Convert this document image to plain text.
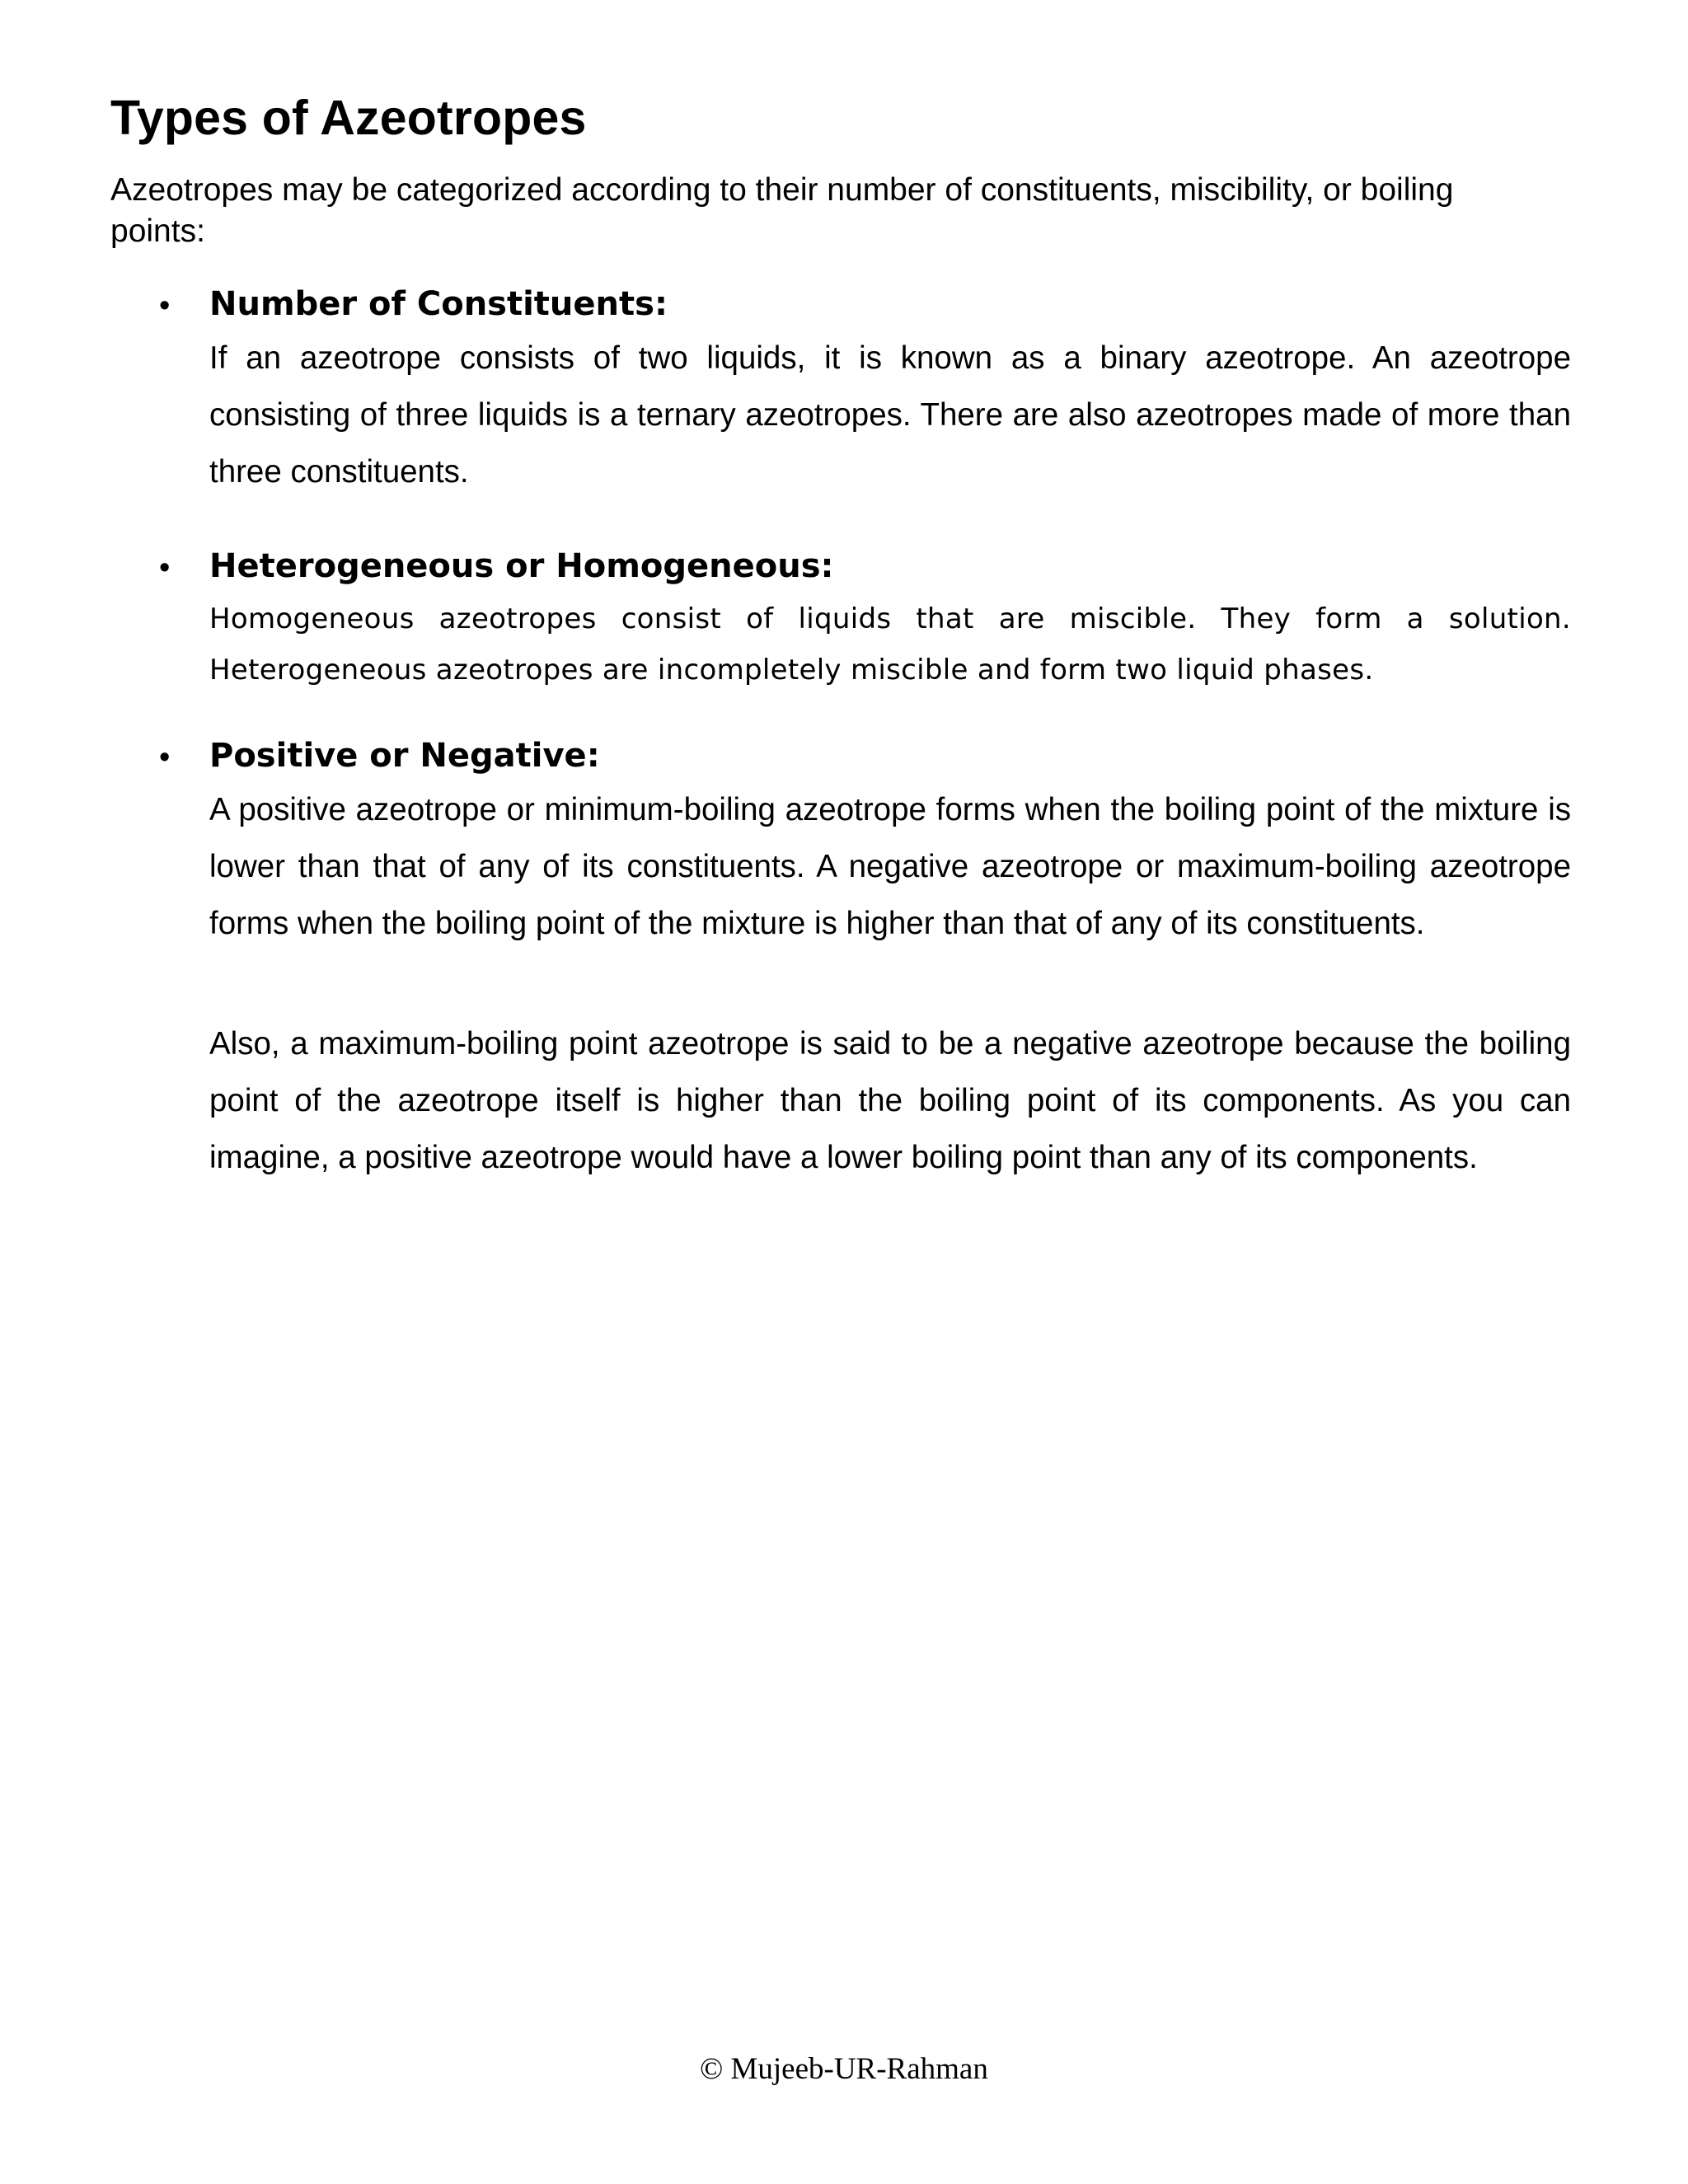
Types of Azeotropes

Azeotropes may be categorized according to their number of constituents, miscibility, or boiling points:

• Number of Constituents:

If an azeotrope consists of two liquids, it is known as a binary azeotrope. An azeotrope consisting of three liquids is a ternary azeotropes. There are also azeotropes made of more than three constituents.

• Heterogeneous or Homogeneous:

Homogeneous azeotropes consist of liquids that are miscible. They form a solution. Heterogeneous azeotropes are incompletely miscible and form two liquid phases.

• Positive or Negative:

A positive azeotrope or minimum-boiling azeotrope forms when the boiling point of the mixture is lower than that of any of its constituents. A negative azeotrope or maximum-boiling azeotrope forms when the boiling point of the mixture is higher than that of any of its constituents.

Also, a maximum-boiling point azeotrope is said to be a negative azeotrope because the boiling point of the azeotrope itself is higher than the boiling point of its components. As you can imagine, a positive azeotrope would have a lower boiling point than any of its components.

© Mujeeb-UR-Rahman
